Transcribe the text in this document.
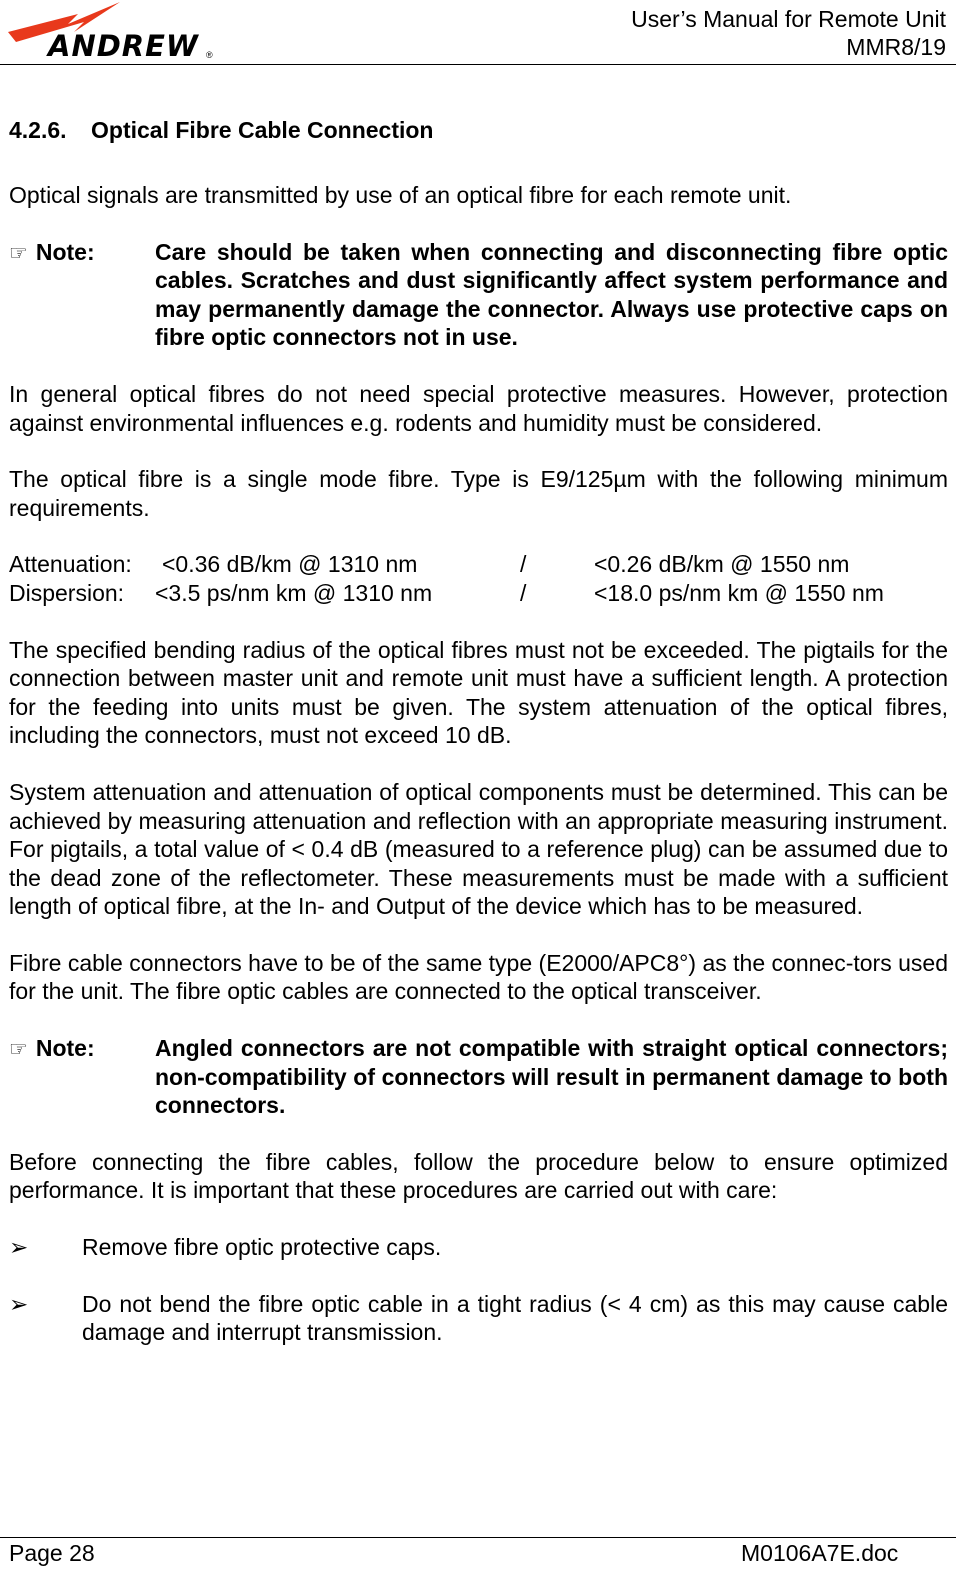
ANDREW ®
User’s Manual for Remote Unit
MMR8/19
4.2.6. Optical Fibre Cable Connection

Optical signals are transmitted by use of an optical fibre for each remote unit.

☞ Note:	Care should be taken when connecting and disconnecting fibre optic cables. Scratches and dust significantly affect system performance and may permanently damage the connector. Always use protective caps on fibre optic connectors not in use.

In general optical fibres do not need special protective measures. However, protection against environmental influences e.g. rodents and humidity must be considered.

The optical fibre is a single mode fibre. Type is E9/125µm with the following minimum requirements.

Attenuation: <0.36 dB/km @ 1310 nm	/	<0.26 dB/km @ 1550 nm
Dispersion: <3.5 ps/nm km @ 1310 nm	/	<18.0 ps/nm km @ 1550 nm

The specified bending radius of the optical fibres must not be exceeded. The pigtails for the connection between master unit and remote unit must have a sufficient length. A protection for the feeding into units must be given. The system attenuation of the optical fibres, including the connectors, must not exceed 10 dB.

System attenuation and attenuation of optical components must be determined. This can be achieved by measuring attenuation and reflection with an appropriate measuring instrument. For pigtails, a total value of < 0.4 dB (measured to a reference plug) can be assumed due to the dead zone of the reflectometer. These measurements must be made with a sufficient length of optical fibre, at the In- and Output of the device which has to be measured.

Fibre cable connectors have to be of the same type (E2000/APC8°) as the connec-tors used for the unit. The fibre optic cables are connected to the optical transceiver.

☞ Note:	Angled connectors are not compatible with straight optical connectors; non-compatibility of connectors will result in permanent damage to both connectors.

Before connecting the fibre cables, follow the procedure below to ensure optimized performance. It is important that these procedures are carried out with care:

➢ Remove fibre optic protective caps.
➢ Do not bend the fibre optic cable in a tight radius (< 4 cm) as this may cause cable damage and interrupt transmission.
Page 28	M0106A7E.doc
